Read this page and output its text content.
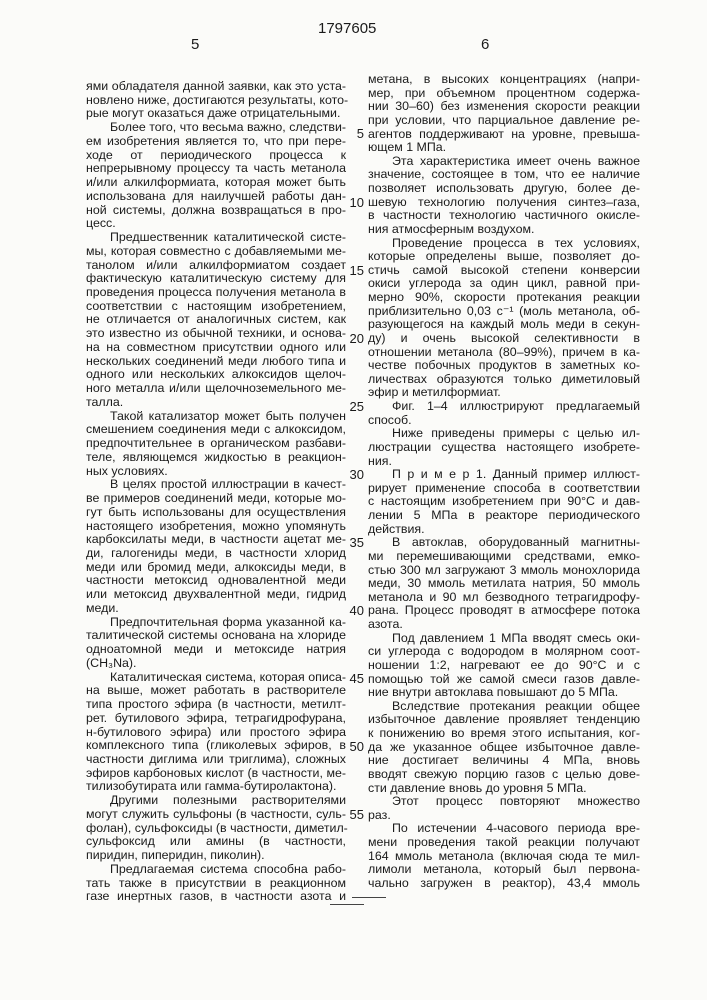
5
1797605
6
ями обладателя данной заявки, как это уста-
новлено ниже, достигаются результаты, кото-
рые могут оказаться даже отрицательными.
Более того, что весьма важно, следстви-
ем изобретения является то, что при пере-
ходе от периодического процесса к
непрерывному процессу та часть метанола
и/или алкилформиата, которая может быть
использована для наилучшей работы дан-
ной системы, должна возвращаться в про-
цесс.
Предшественник каталитической систе-
мы, которая совместно с добавляемыми ме-
танолом и/или алкилформиатом создает
фактическую каталитическую систему для
проведения процесса получения метанола в
соответствии с настоящим изобретением,
не отличается от аналогичных систем, как
это известно из обычной техники, и основа-
на на совместном присутствии одного или
нескольких соединений меди любого типа и
одного или нескольких алкоксидов щелоч-
ного металла и/или щелочноземельного ме-
талла.
Такой катализатор может быть получен
смешением соединения меди с алкоксидом,
предпочтительнее в органическом разбави-
теле, являющемся жидкостью в реакцион-
ных условиях.
В целях простой иллюстрации в качест-
ве примеров соединений меди, которые мо-
гут быть использованы для осуществления
настоящего изобретения, можно упомянуть
карбоксилаты меди, в частности ацетат ме-
ди, галогениды меди, в частности хлорид
меди или бромид меди, алкоксиды меди, в
частности метоксид одновалентной меди
или метоксид двухвалентной меди, гидрид
меди.
Предпочтительная форма указанной ка-
талитической системы основана на хлориде
одноатомной меди и метоксиде натрия
(CH₃Na).
Каталитическая система, которая описа-
на выше, может работать в растворителе
типа простого эфира (в частности, метилт-
рет. бутилового эфира, тетрагидрофурана,
н-бутилового эфира) или простого эфира
комплексного типа (гликолевых эфиров, в
частности диглима или триглима), сложных
эфиров карбоновых кислот (в частности, ме-
тилизобутирата или гамма-бутиролактона).
Другими полезными растворителями
могут служить сульфоны (в частности, суль-
фолан), сульфоксиды (в частности, диметил-
сульфоксид или амины (в частности,
пиридин, пиперидин, пиколин).
Предлагаемая система способна рабо-
тать также в присутствии в реакционном
газе инертных газов, в частности азота и
метана, в высоких концентрациях (напри-
мер, при объемном процентном содержа-
нии 30–60) без изменения скорости реакции
при условии, что парциальное давление ре-
агентов поддерживают на уровне, превыша-
ющем 1 МПа.
Эта характеристика имеет очень важное
значение, состоящее в том, что ее наличие
позволяет использовать другую, более де-
шевую технологию получения синтез–газа,
в частности технологию частичного окисле-
ния атмосферным воздухом.
Проведение процесса в тех условиях,
которые определены выше, позволяет до-
стичь самой высокой степени конверсии
окиси углерода за один цикл, равной при-
мерно 90%, скорости протекания реакции
приблизительно 0,03 с⁻¹ (моль метанола, об-
разующегося на каждый моль меди в секун-
ду) и очень высокой селективности в
отношении метанола (80–99%), причем в ка-
честве побочных продуктов в заметных ко-
личествах образуются только диметиловый
эфир и метилформиат.
Фиг. 1–4 иллюстрируют предлагаемый
способ.
Ниже приведены примеры с целью ил-
люстрации существа настоящего изобрете-
ния.
П р и м е р 1. Данный пример иллюст-
рирует применение способа в соответствии
с настоящим изобретением при 90°C и дав-
лении 5 МПа в реакторе периодического
действия.
В автоклав, оборудованный магнитны-
ми перемешивающими средствами, емко-
стью 300 мл загружают 3 ммоль монохлорида
меди, 30 ммоль метилата натрия, 50 ммоль
метанола и 90 мл безводного тетрагидрофу-
рана. Процесс проводят в атмосфере потока
азота.
Под давлением 1 МПа вводят смесь оки-
си углерода с водородом в молярном соот-
ношении 1:2, нагревают ее до 90°C и с
помощью той же самой смеси газов давле-
ние внутри автоклава повышают до 5 МПа.
Вследствие протекания реакции общее
избыточное давление проявляет тенденцию
к понижению во время этого испытания, ког-
да же указанное общее избыточное давле-
ние достигает величины 4 МПа, вновь
вводят свежую порцию газов с целью дове-
сти давление вновь до уровня 5 МПа.
Этот процесс повторяют множество
раз.
По истечении 4-часового периода вре-
мени проведения такой реакции получают
164 ммоль метанола (включая сюда те мил-
лимоли метанола, который был первона-
чально загружен в реактор), 43,4 ммоль
5
10
15
20
25
30
35
40
45
50
55
